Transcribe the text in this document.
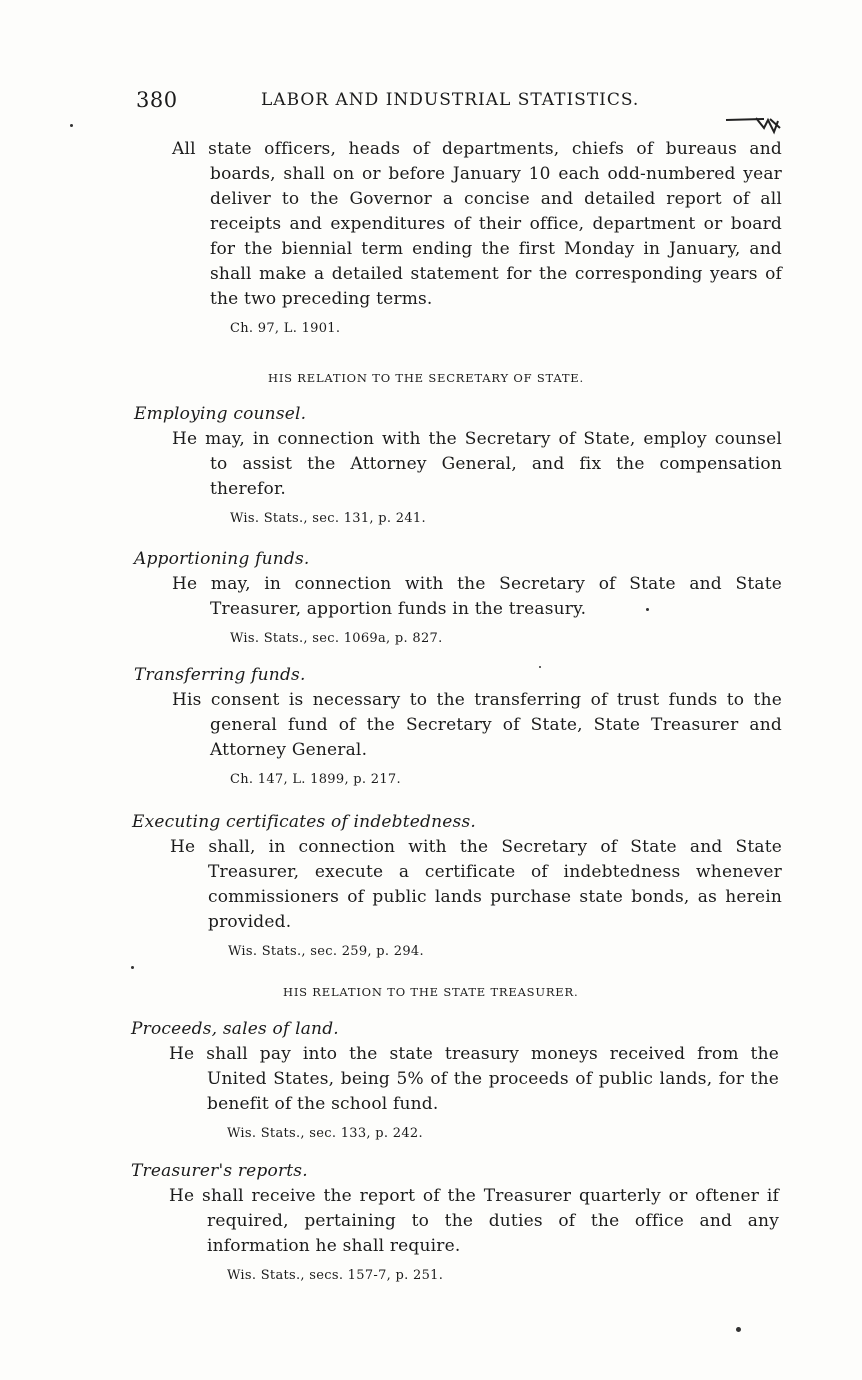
380	LABOR AND INDUSTRIAL STATISTICS.

All state officers, heads of departments, chiefs of bureaus and boards, shall on or before January 10 each odd-numbered year deliver to the Governor a concise and detailed report of all receipts and expenditures of their office, department or board for the biennial term ending the first Monday in January, and shall make a detailed statement for the corresponding years of the two preceding terms.

Ch. 97, L. 1901.
HIS RELATION TO THE SECRETARY OF STATE.
Employing counsel.

He may, in connection with the Secretary of State, employ counsel to assist the Attorney General, and fix the compensation therefor.

Wis. Stats., sec. 131, p. 241.
Apportioning funds.

He may, in connection with the Secretary of State and State Treasurer, apportion funds in the treasury.

Wis. Stats., sec. 1069a, p. 827.
Transferring funds.

His consent is necessary to the transferring of trust funds to the general fund of the Secretary of State, State Treasurer and Attorney General.

Ch. 147, L. 1899, p. 217.
Executing certificates of indebtedness.

He shall, in connection with the Secretary of State and State Treasurer, execute a certificate of indebtedness whenever commissioners of public lands purchase state bonds, as herein provided.

Wis. Stats., sec. 259, p. 294.
HIS RELATION TO THE STATE TREASURER.
Proceeds, sales of land.

He shall pay into the state treasury moneys received from the United States, being 5% of the proceeds of public lands, for the benefit of the school fund.

Wis. Stats., sec. 133, p. 242.
Treasurer's reports.

He shall receive the report of the Treasurer quarterly or oftener if required, pertaining to the duties of the office and any information he shall require.

Wis. Stats., secs. 157-7, p. 251.
